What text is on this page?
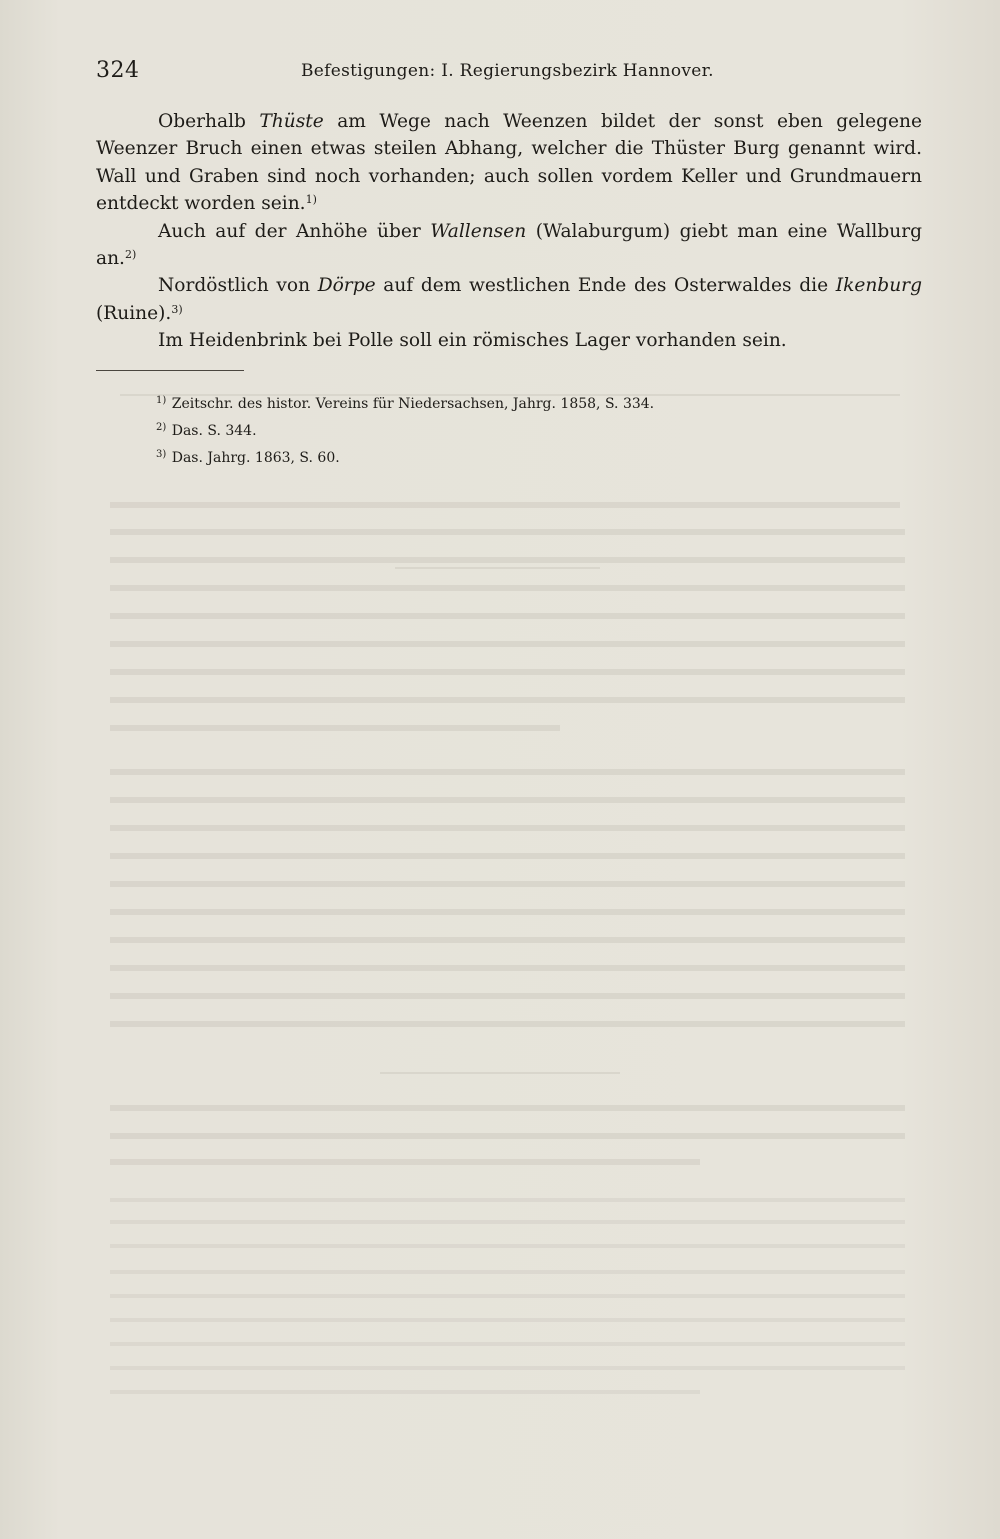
324	Befestigungen: I. Regierungsbezirk Hannover.

Oberhalb Thüste am Wege nach Weenzen bildet der sonst eben gelegene Weenzer Bruch einen etwas steilen Abhang, welcher die Thüster Burg genannt wird. Wall und Graben sind noch vorhanden; auch sollen vordem Keller und Grundmauern entdeckt worden sein.$^{1)}$

Auch auf der Anhöhe über Wallensen (Walaburgum) giebt man eine Wallburg an.$^{2)}$

Nordöstlich von Dörpe auf dem westlichen Ende des Osterwaldes die Ikenburg (Ruine).$^{3)}$

Im Heidenbrink bei Polle soll ein römisches Lager vorhanden sein.

$^{1)}$ Zeitschr. des histor. Vereins für Niedersachsen, Jahrg. 1858, S. 334.

$^{2)}$ Das. S. 344.

$^{3)}$ Das. Jahrg. 1863, S. 60.
